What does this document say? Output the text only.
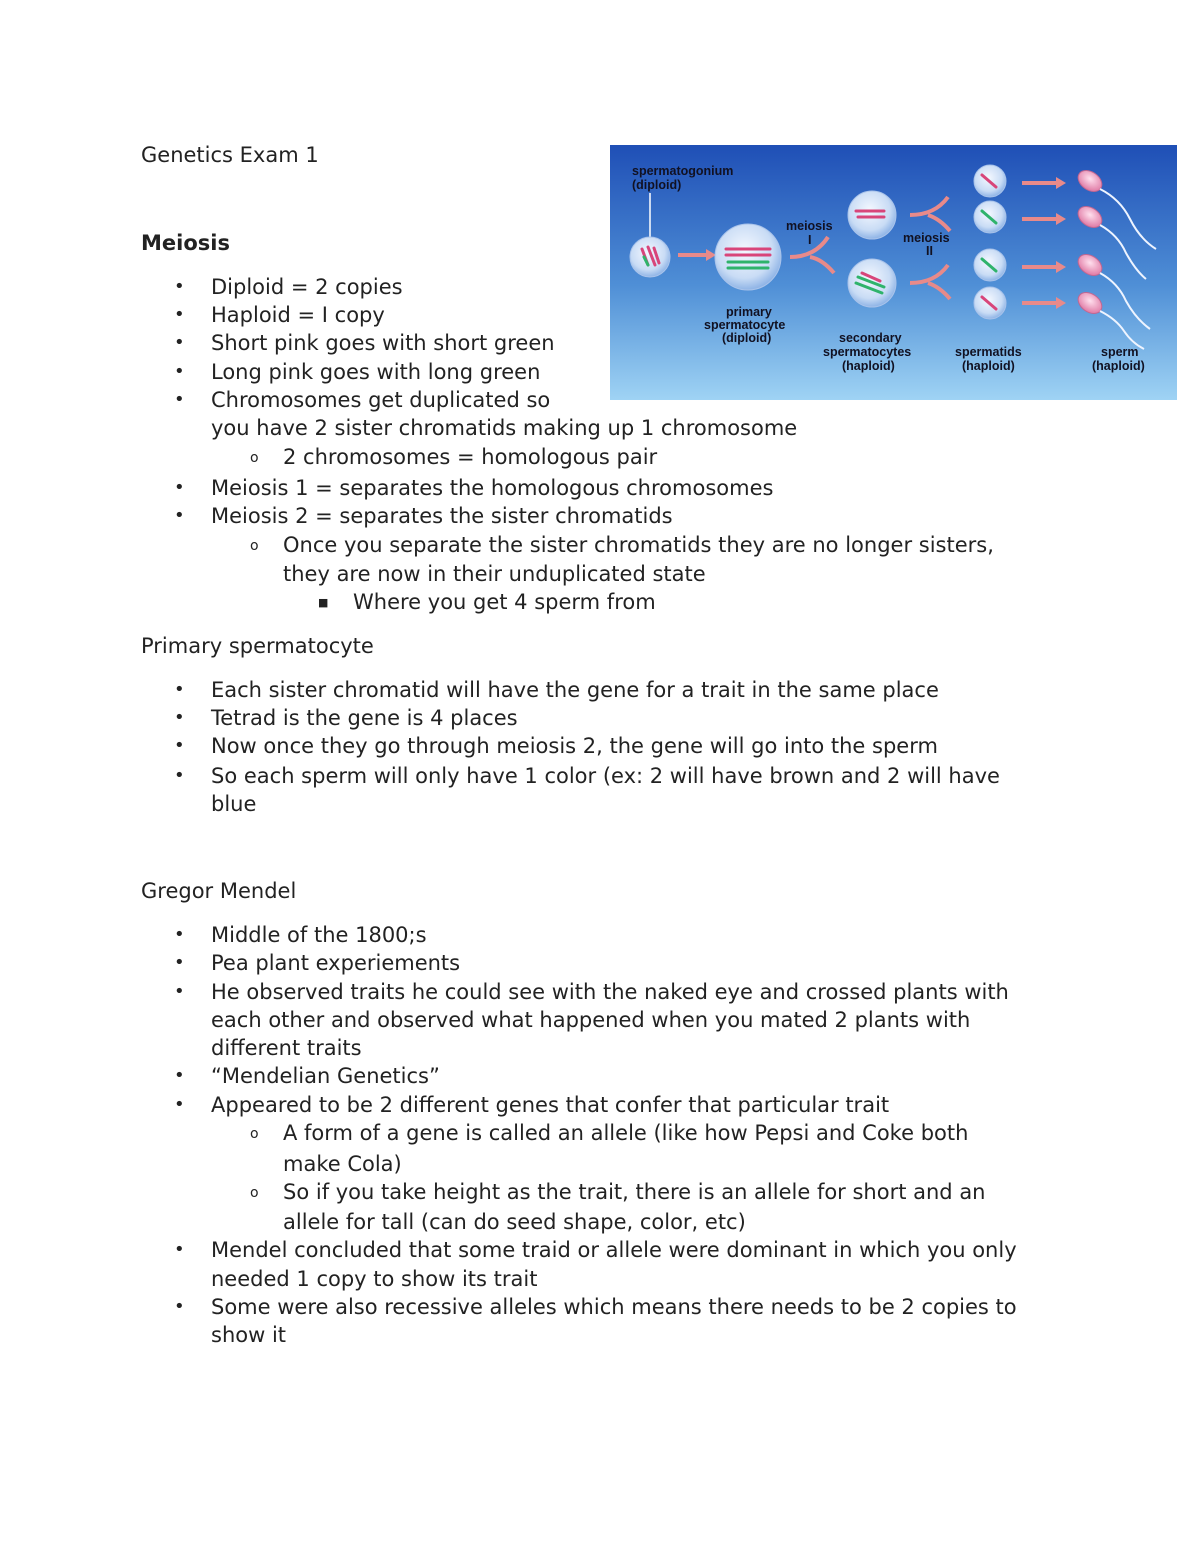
Genetics Exam 1
Meiosis
• Diploid = 2 copies
• Haploid = I copy
• Short pink goes with short green
• Long pink goes with long green
• Chromosomes get duplicated so
you have 2 sister chromatids making up 1 chromosome
o 2 chromosomes = homologous pair
• Meiosis 1 = separates the homologous chromosomes
• Meiosis 2 = separates the sister chromatids
o Once you separate the sister chromatids they are no longer sisters,
they are now in their unduplicated state
■ Where you get 4 sperm from
Primary spermatocyte
• Each sister chromatid will have the gene for a trait in the same place
• Tetrad is the gene is 4 places
• Now once they go through meiosis 2, the gene will go into the sperm
• So each sperm will only have 1 color (ex: 2 will have brown and 2 will have
blue
Gregor Mendel
• Middle of the 1800;s
• Pea plant experiements
• He observed traits he could see with the naked eye and crossed plants with
each other and observed what happened when you mated 2 plants with
different traits
• “Mendelian Genetics”
• Appeared to be 2 different genes that confer that particular trait
o A form of a gene is called an allele (like how Pepsi and Coke both
make Cola)
o So if you take height as the trait, there is an allele for short and an
allele for tall (can do seed shape, color, etc)
• Mendel concluded that some traid or allele were dominant in which you only
needed 1 copy to show its trait
• Some were also recessive alleles which means there needs to be 2 copies to
show it
spermatogonium
(diploid)
meiosis
I	meiosis
II
primary
spermatocyte
(diploid)	secondary
spermatocytes
(haploid)
spermatids
(haploid)
sperm
(haploid)
